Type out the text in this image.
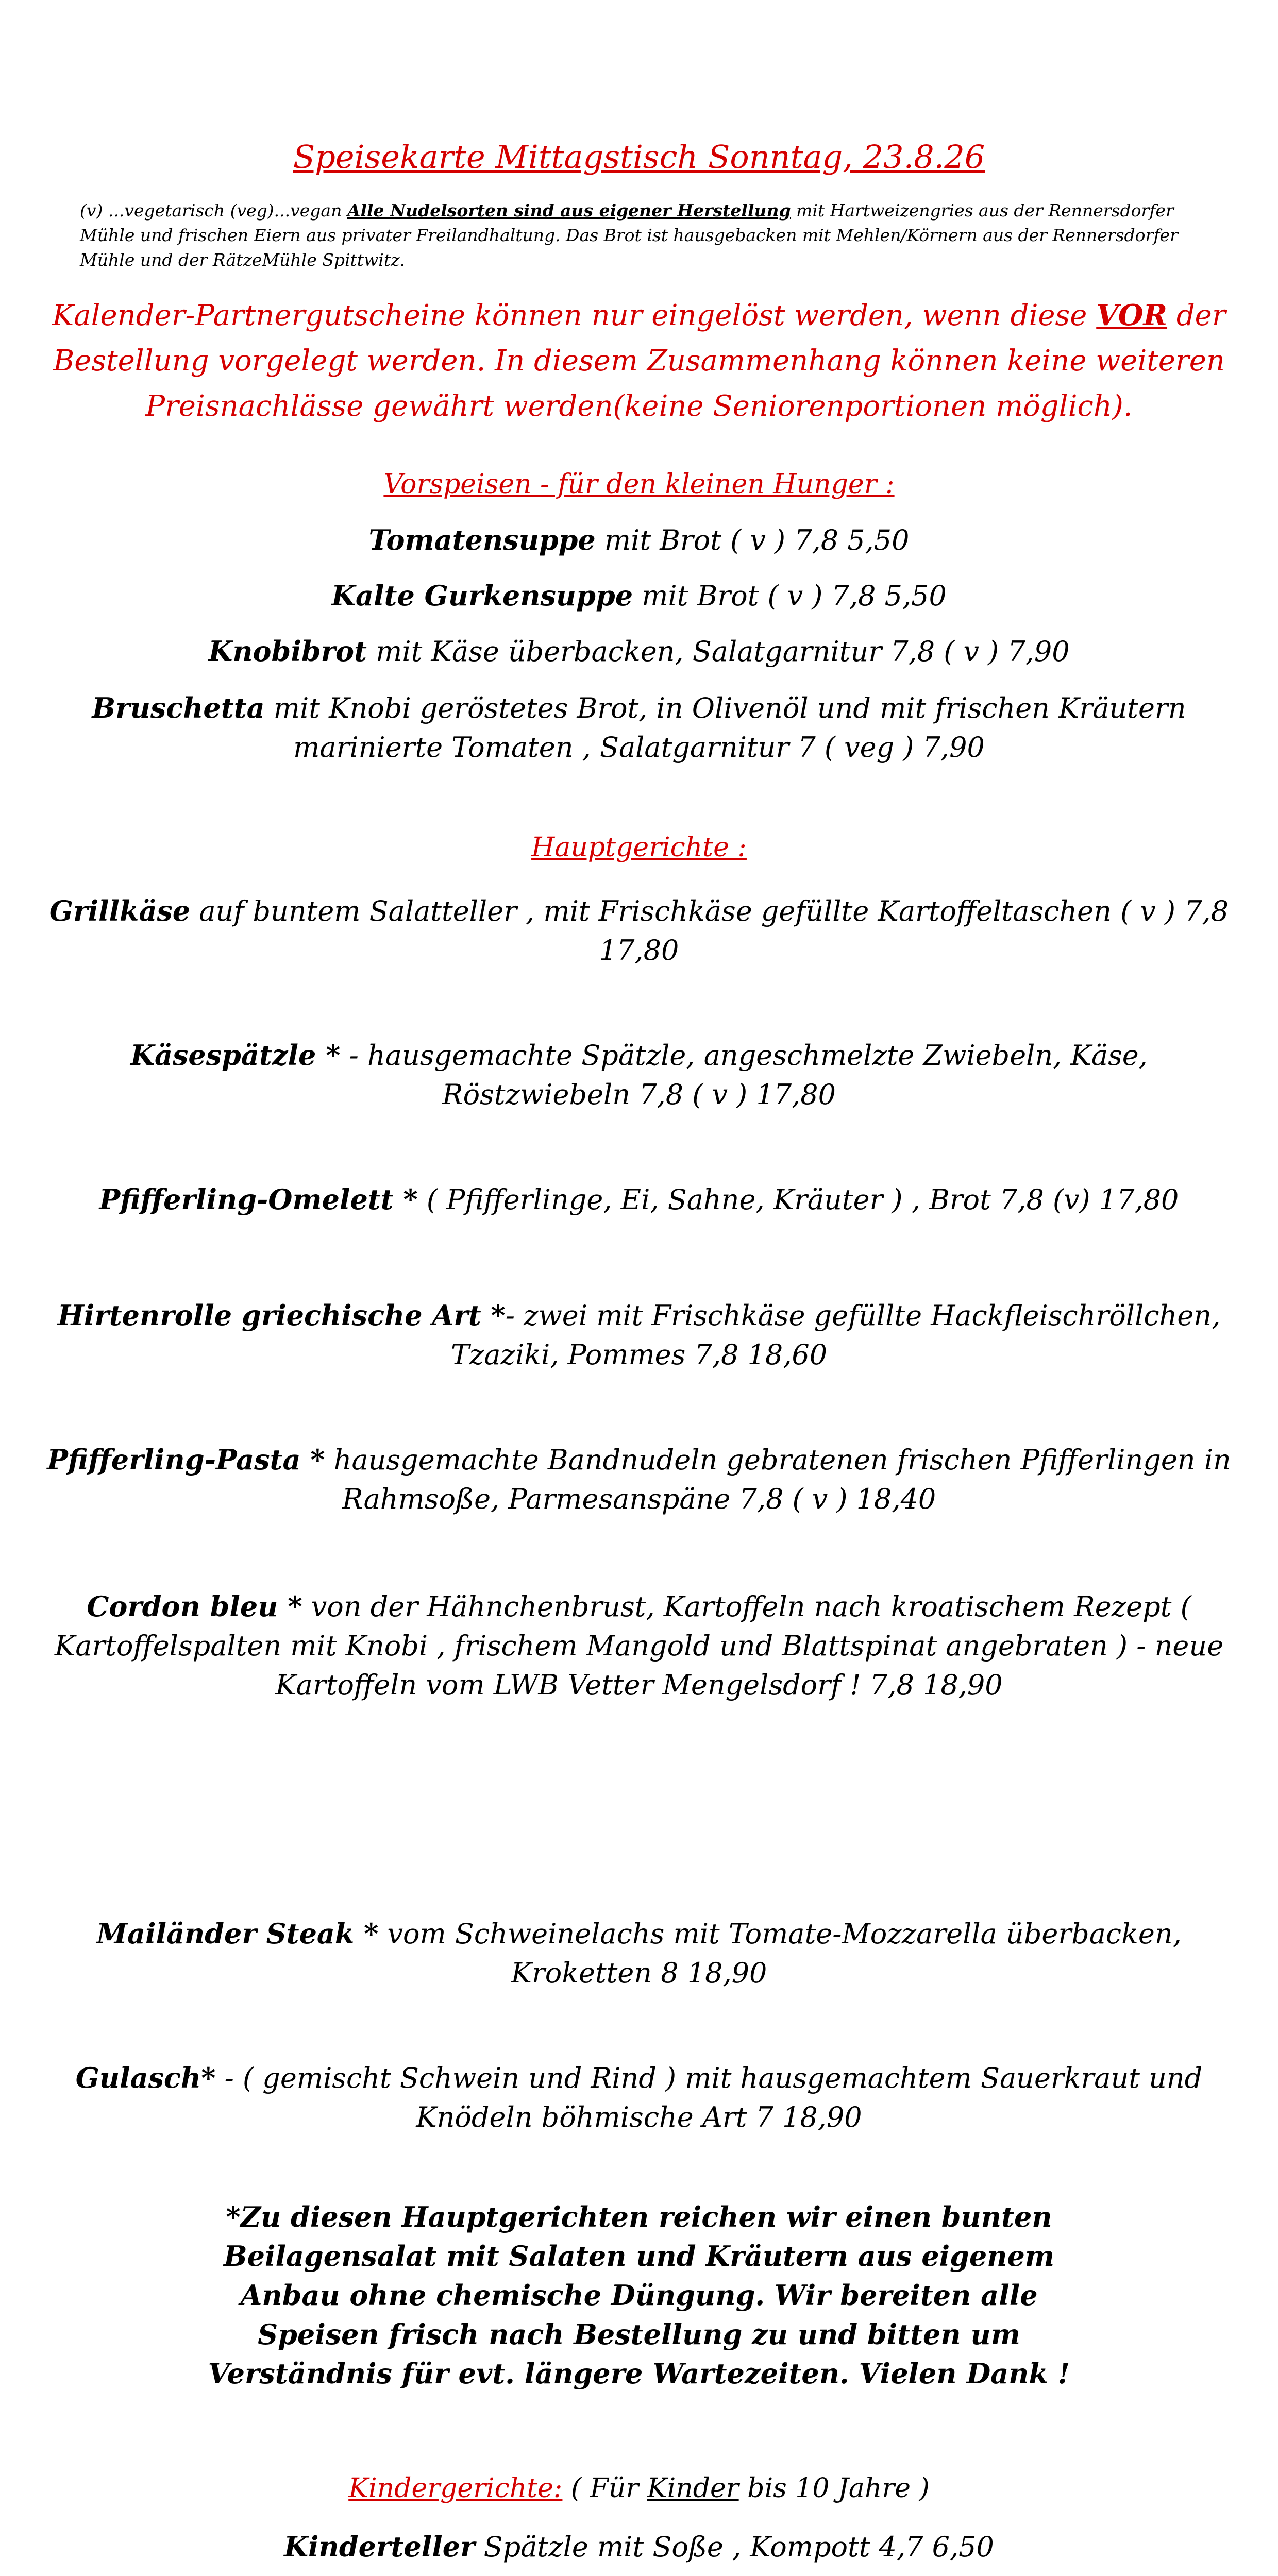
Speisekarte Mittagstisch Sonntag, 23.8.26
(v) ...vegetarisch (veg)...vegan Alle Nudelsorten sind aus eigener Herstellung mit Hartweizengries aus der Rennersdorfer Mühle und frischen Eiern aus privater Freilandhaltung. Das Brot ist hausgebacken mit Mehlen/Körnern aus der Rennersdorfer Mühle und der RätzeMühle Spittwitz.
Kalender-Partnergutscheine können nur eingelöst werden, wenn diese VOR der Bestellung vorgelegt werden. In diesem Zusammenhang können keine weiteren Preisnachlässe gewährt werden(keine Seniorenportionen möglich).
Vorspeisen - für den kleinen Hunger :
Tomatensuppe mit Brot ( v ) 7,8 5,50
Kalte Gurkensuppe mit Brot ( v ) 7,8 5,50
Knobibrot mit Käse überbacken, Salatgarnitur 7,8 ( v ) 7,90
Bruschetta mit Knobi geröstetes Brot, in Olivenöl und mit frischen Kräutern marinierte Tomaten , Salatgarnitur 7 ( veg ) 7,90
Hauptgerichte :
Grillkäse auf buntem Salatteller , mit Frischkäse gefüllte Kartoffeltaschen ( v ) 7,8 17,80
Käsespätzle * - hausgemachte Spätzle, angeschmelzte Zwiebeln, Käse, Röstzwiebeln 7,8 ( v ) 17,80
Pfifferling-Omelett * ( Pfifferlinge, Ei, Sahne, Kräuter ) , Brot 7,8 (v) 17,80
Hirtenrolle griechische Art *- zwei mit Frischkäse gefüllte Hackfleischröllchen, Tzaziki, Pommes 7,8 18,60
Pfifferling-Pasta * hausgemachte Bandnudeln gebratenen frischen Pfifferlingen in Rahmsoße, Parmesanspäne 7,8 ( v ) 18,40
Cordon bleu * von der Hähnchenbrust, Kartoffeln nach kroatischem Rezept ( Kartoffelspalten mit Knobi , frischem Mangold und Blattspinat angebraten ) - neue Kartoffeln vom LWB Vetter Mengelsdorf ! 7,8 18,90
Mailänder Steak * vom Schweinelachs mit Tomate-Mozzarella überbacken, Kroketten 8 18,90
Gulasch* - ( gemischt Schwein und Rind ) mit hausgemachtem Sauerkraut und Knödeln böhmische Art 7 18,90
*Zu diesen Hauptgerichten reichen wir einen bunten Beilagensalat mit Salaten und Kräutern aus eigenem Anbau ohne chemische Düngung. Wir bereiten alle Speisen frisch nach Bestellung zu und bitten um Verständnis für evt. längere Wartezeiten. Vielen Dank !
Kindergerichte: ( Für Kinder bis 10 Jahre )
Kinderteller Spätzle mit Soße , Kompott 4,7 6,50
